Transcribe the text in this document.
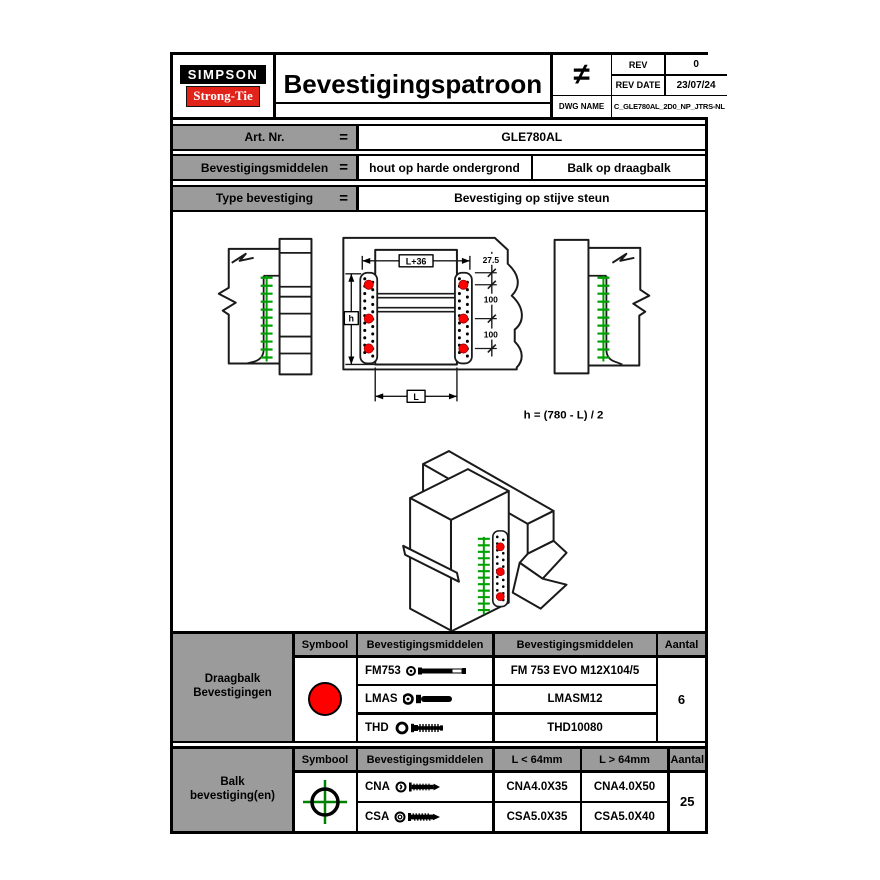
SIMPSON
Strong-Tie	Bevestigingspatroon	≠	REV	0
REV DATE	23/07/24
DWG NAME	C_GLE780AL_2D0_NP_JTRS-NL
Art. Nr.	=	GLE780AL
Bevestigingsmiddelen =	hout op harde ondergrond	Balk op draagbalk
Type bevestiging =	Bevestiging op stijve steun
L+36	27.5
100
100
h
L
h = (780 - L) / 2
Draagbalk
Bevestigingen
Symbool	Bevestigingsmiddelen	Bevestigingsmiddelen	Aantal
FM753	FM 753 EVO M12X104/5
LMAS	LMASM12
THD	THD10080
6
Balk
bevestiging(en)
Symbool	Bevestigingsmiddelen	L < 64mm	L > 64mm	Aantal
CNA	CNA4.0X35	CNA4.0X50
CSA	CSA5.0X35	CSA5.0X40
25
